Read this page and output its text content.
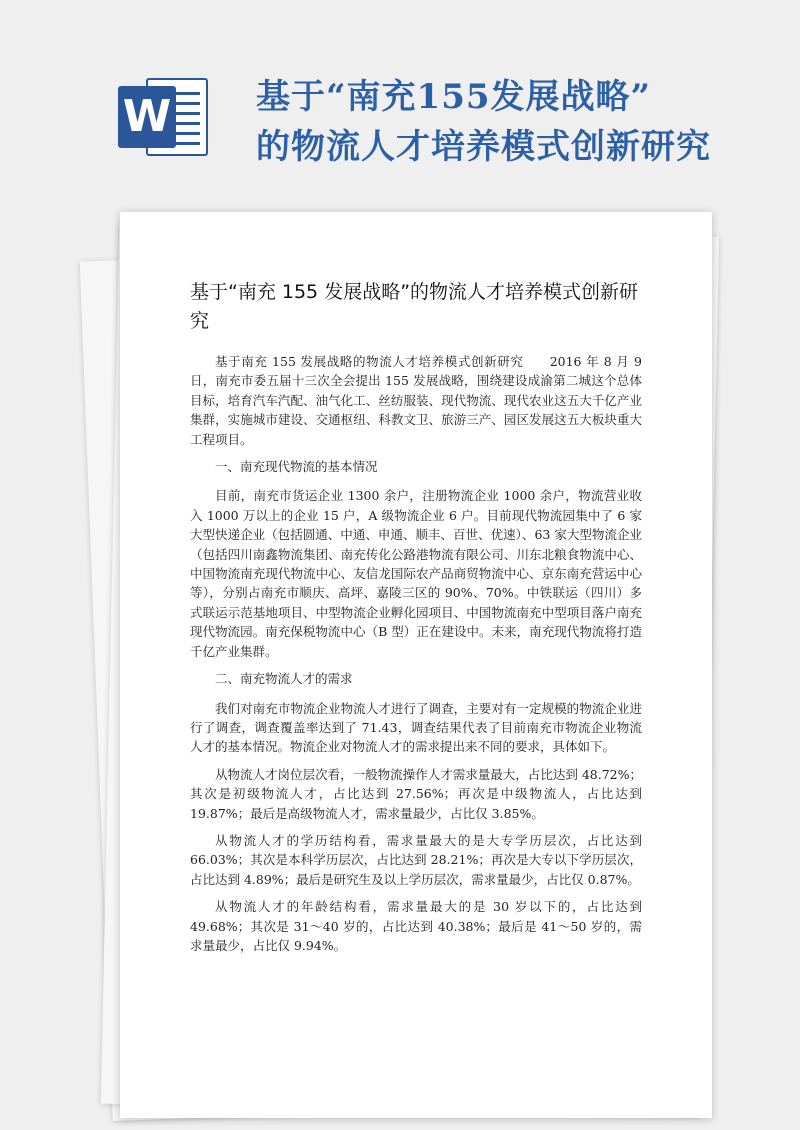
W 基于“南充155发展战略”
的物流人才培养模式创新研究
基于“南充 155 发展战略”的物流人才培养模式创新研究

基于南充 155 发展战略的物流人才培养模式创新研究　　2016 年 8 月 9 日，南充市委五届十三次全会提出 155 发展战略，围绕建设成渝第二城这个总体目标，培育汽车汽配、油气化工、丝纺服装、现代物流、现代农业这五大千亿产业集群，实施城市建设、交通枢纽、科教文卫、旅游三产、园区发展这五大板块重大工程项目。

一、南充现代物流的基本情况

目前，南充市货运企业 1300 余户，注册物流企业 1000 余户，物流营业收入 1000 万以上的企业 15 户，A 级物流企业 6 户。目前现代物流园集中了 6 家大型快递企业（包括圆通、中通、申通、顺丰、百世、优速）、63 家大型物流企业（包括四川南鑫物流集团、南充传化公路港物流有限公司、川东北粮食物流中心、中国物流南充现代物流中心、友信龙国际农产品商贸物流中心、京东南充营运中心等），分别占南充市顺庆、高坪、嘉陵三区的 90%、70%。中铁联运（四川）多式联运示范基地项目、中型物流企业孵化园项目、中国物流南充中型项目落户南充现代物流园。南充保税物流中心（B 型）正在建设中。未来，南充现代物流将打造千亿产业集群。

二、南充物流人才的需求

我们对南充市物流企业物流人才进行了调查，主要对有一定规模的物流企业进行了调查，调查覆盖率达到了 71.43，调查结果代表了目前南充市物流企业物流人才的基本情况。物流企业对物流人才的需求提出来不同的要求，具体如下。

从物流人才岗位层次看，一般物流操作人才需求量最大，占比达到 48.72%；其次是初级物流人才，占比达到 27.56%；再次是中级物流人，占比达到 19.87%；最后是高级物流人才，需求量最少，占比仅 3.85%。

从物流人才的学历结构看，需求量最大的是大专学历层次，占比达到 66.03%；其次是本科学历层次，占比达到 28.21%；再次是大专以下学历层次，占比达到 4.89%；最后是研究生及以上学历层次，需求量最少，占比仅 0.87%。

从物流人才的年龄结构看，需求量最大的是 30 岁以下的，占比达到 49.68%；其次是 31～40 岁的，占比达到 40.38%；最后是 41～50 岁的，需求量最少，占比仅 9.94%。
